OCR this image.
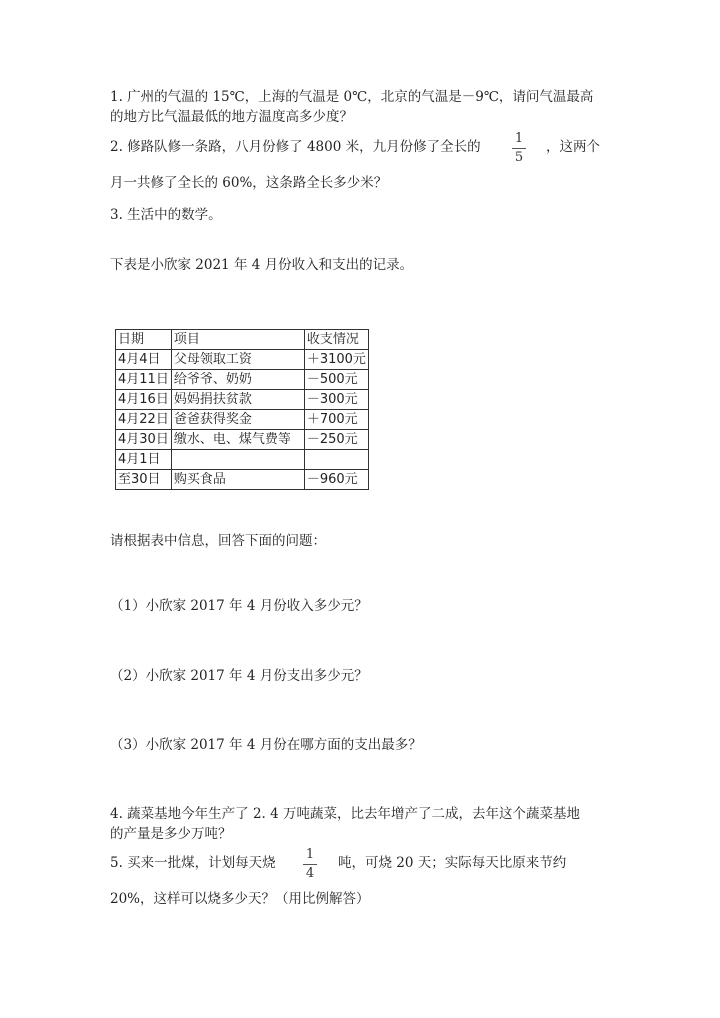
1. 广州的气温的 15℃，上海的气温是 0℃，北京的气温是－9℃，请问气温最高
的地方比气温最低的地方温度高多少度？
2. 修路队修一条路，八月份修了 4800 米，九月份修了全长的
1
5
，这两个
月一共修了全长的 60%，这条路全长多少米？
3. 生活中的数学。
下表是小欣家 2021 年 4 月份收入和支出的记录。
日期	项目	收支情况
4月4日	父母领取工资	＋3100元
4月11日	给爷爷、奶奶	－500元
4月16日	妈妈捐扶贫款	－300元
4月22日	爸爸获得奖金	＋700元
4月30日	缴水、电、煤气费等	－250元
4月1日		
至30日	购买食品	－960元
请根据表中信息，回答下面的问题：
（1）小欣家 2017 年 4 月份收入多少元？
（2）小欣家 2017 年 4 月份支出多少元？
（3）小欣家 2017 年 4 月份在哪方面的支出最多？
4. 蔬菜基地今年生产了 2. 4 万吨蔬菜，比去年增产了二成，去年这个蔬菜基地
的产量是多少万吨？
5. 买来一批煤，计划每天烧
1
4
吨，可烧 20 天；实际每天比原来节约
20%，这样可以烧多少天？（用比例解答）
